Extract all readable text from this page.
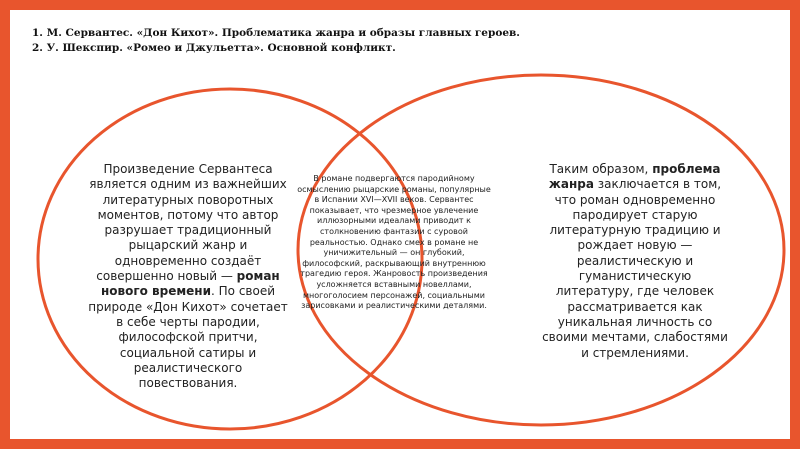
1. М. Сервантес. «Дон Кихот». Проблематика жанра и образы главных героев.
2. У. Шекспир. «Ромео и Джульетта». Основной конфликт.
Произведение Сервантеса является одним из важнейших литературных поворотных моментов, потому что автор разрушает традиционный рыцарский жанр и одновременно создаёт совершенно новый — роман нового времени. По своей природе «Дон Кихот» сочетает в себе черты пародии, философской притчи, социальной сатиры и реалистического повествования.
В романе подвергаются пародийному осмыслению рыцарские романы, популярные в Испании XVI—XVII веков. Сервантес показывает, что чрезмерное увлечение иллюзорными идеалами приводит к столкновению фантазии с суровой реальностью. Однако смех в романе не уничижительный — он глубокий, философский, раскрывающий внутреннюю трагедию героя. Жанровость произведения усложняется вставными новеллами, многоголосием персонажей, социальными зарисовками и реалистическими деталями.
Таким образом, проблема жанра заключается в том, что роман одновременно пародирует старую литературную традицию и рождает новую — реалистическую и гуманистическую литературу, где человек рассматривается как уникальная личность со своими мечтами, слабостями и стремлениями.
